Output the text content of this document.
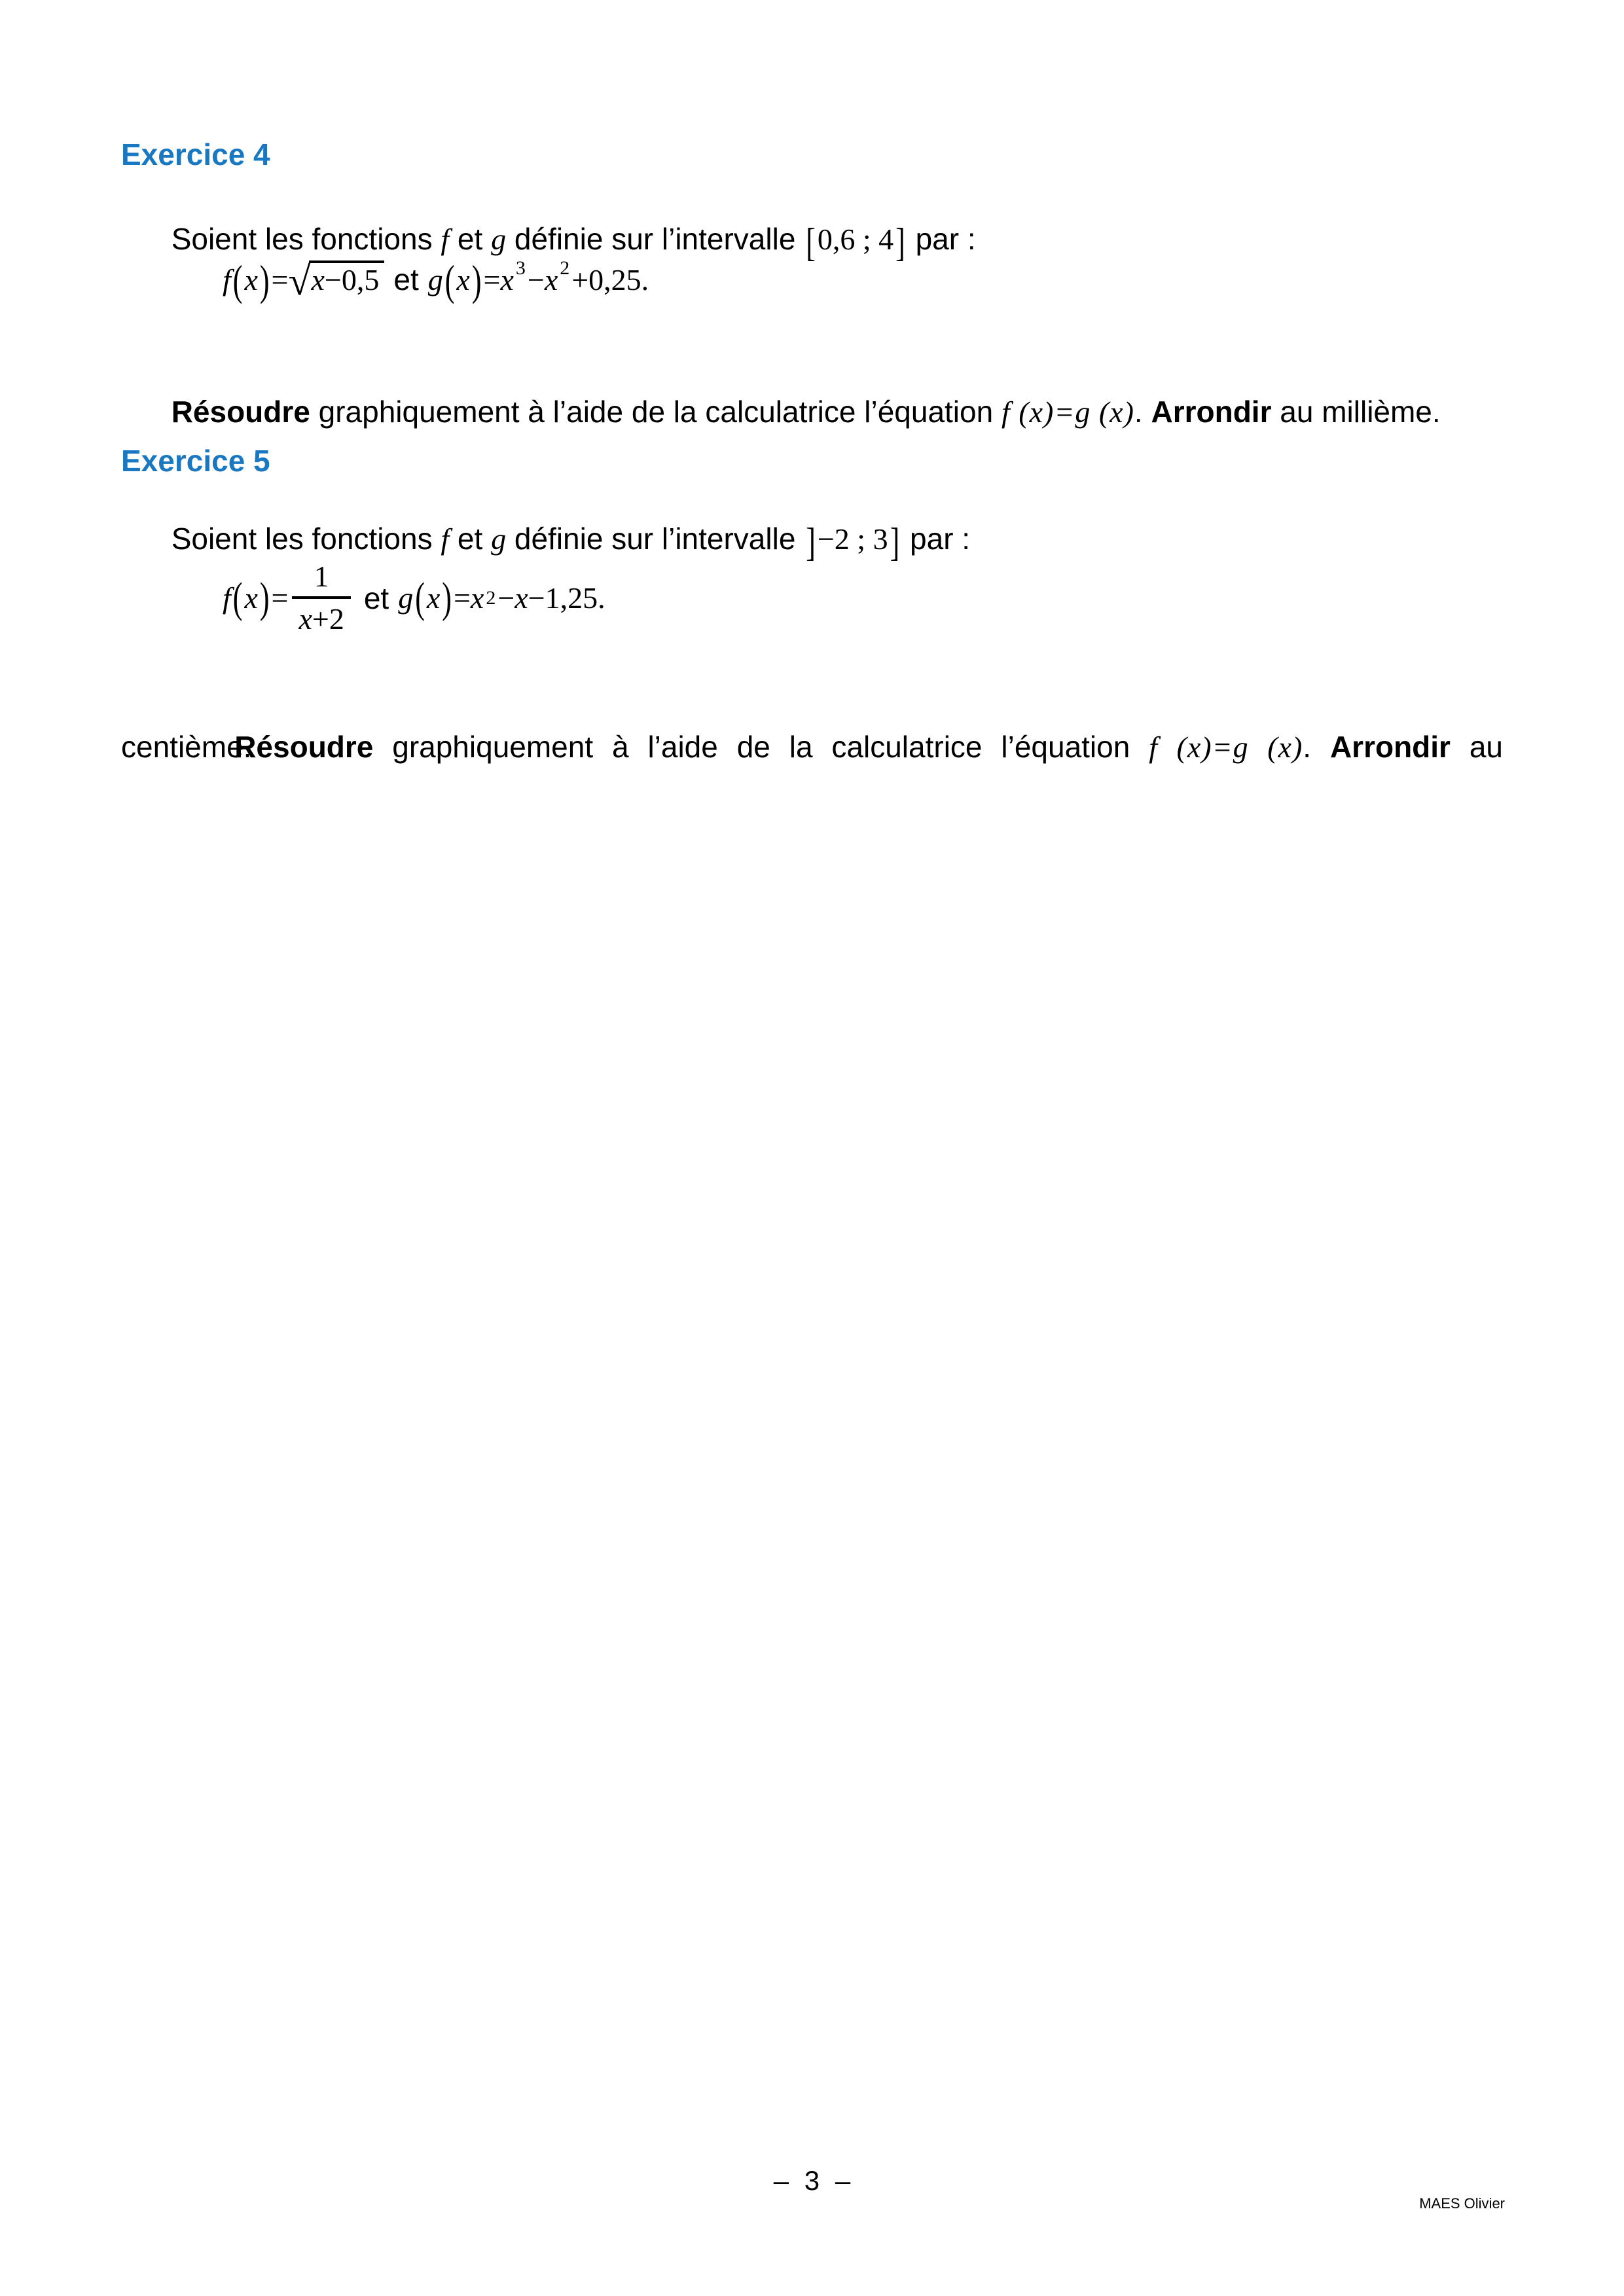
Exercice 4

Soient les fonctions f et g définie sur l’intervalle [0,6 ; 4] par :

f(x)=√x−0,5 et g(x)=x $^3$−x $^2$+0,25.

Résoudre graphiquement à l’aide de la calculatrice l’équation f (x)=g (x). Arrondir au millième.

Exercice 5

Soient les fonctions f et g définie sur l’intervalle ]−2 ; 3] par :

f ( x ) = $\frac{1}{x+2}$ et g ( x ) = x 2 − x −1,25.

Résoudre graphiquement à l’aide de la calculatrice l’équation f (x)=g (x). Arrondir au

centième.
– 3 –
MAES Olivier
